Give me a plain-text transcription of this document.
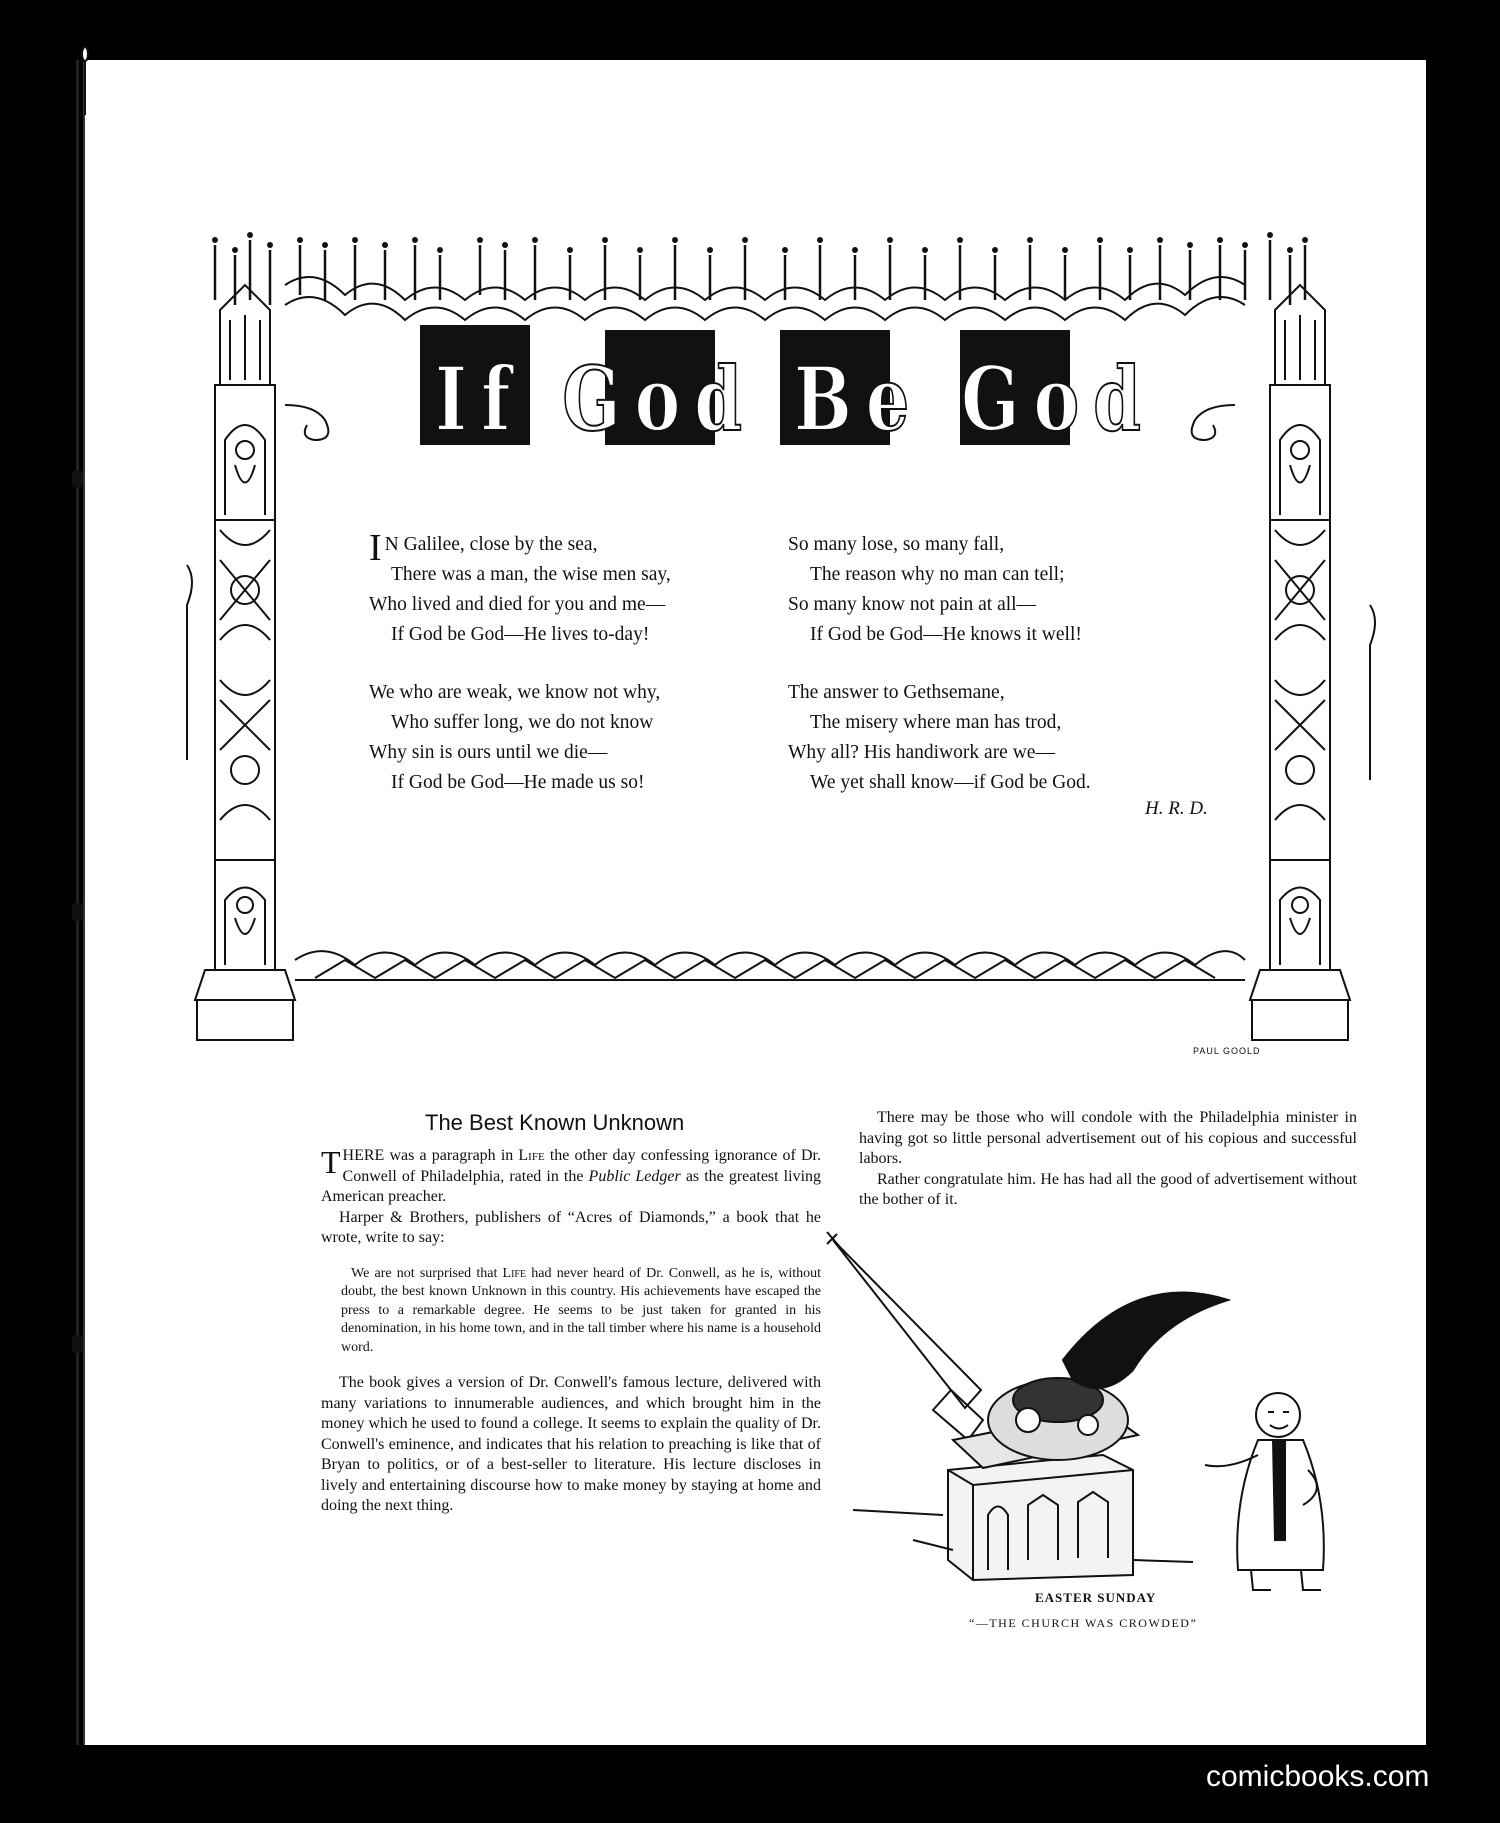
If God Be God
I N Galilee, close by the sea,
There was a man, the wise men say,
Who lived and died for you and me—
If God be God—He lives to-day!
We who are weak, we know not why,
Who suffer long, we do not know
Why sin is ours until we die—
If God be God—He made us so!
So many lose, so many fall,
The reason why no man can tell;
So many know not pain at all—
If God be God—He knows it well!
The answer to Gethsemane,
The misery where man has trod,
Why all? His handiwork are we—
We yet shall know—if God be God.
H. R. D.
PAUL GOOLD
The Best Known Unknown

THERE was a paragraph in Life the other day confessing ignorance of Dr. Conwell of Philadelphia, rated in the Public Ledger as the greatest living American preacher.

Harper & Brothers, publishers of “Acres of Diamonds,” a book that he wrote, write to say:

We are not surprised that Life had never heard of Dr. Conwell, as he is, without doubt, the best known Unknown in this country. His achievements have escaped the press to a remarkable degree. He seems to be just taken for granted in his denomination, in his home town, and in the tall timber where his name is a household word.

The book gives a version of Dr. Conwell's famous lecture, delivered with many variations to innumerable audiences, and which brought him in the money which he used to found a college. It seems to explain the quality of Dr. Conwell's eminence, and indicates that his relation to preaching is like that of Bryan to politics, or of a best-seller to literature. His lecture discloses in lively and entertaining discourse how to make money by staying at home and doing the next thing.

There may be those who will condole with the Philadelphia minister in having got so little personal advertisement out of his copious and successful labors.

Rather congratulate him. He has had all the good of advertisement without the bother of it.

EASTER SUNDAY
“—THE CHURCH WAS CROWDED”
comicbooks.com
